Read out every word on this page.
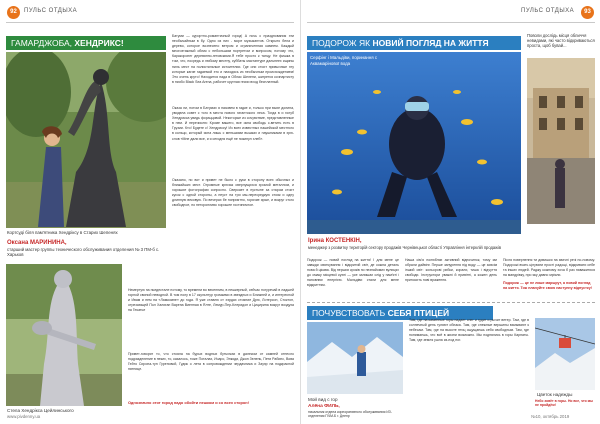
92	ПУЛЬС ОТДЫХА
ГАМАРДЖОБА, ХЕНДРИКС!
Кортсуді біля пам'ятника Хендріксу в Старих Шепенях
Оксана МАРИНИНА,
старший мастер группы технического обслуживания отделения № 3 ПМ-б с. Харьков
Стела Хендрікса Цейлинського
Батуми — курортно-романтичный город! А ночь с празднования эти необычайным в бу. Одно из них - море музыкантов. Открыто бела и дерево, которое вознесено ветром и ограниченная камнем. Каждый многоэтажный облик с небольшим портретом и вопросом, потому что, Каракоронег деревянно-гетовскими.Я тебе просто к танцу. Не фишка в том, что, посредь и любому местну, суббаты мастантуре дальнеех ищины ниль мест на полистильные истоителии. Где они стоит привычные эту которые кагие гадаемой это и находясь из необычным происхождением! Это очень круто! Находится пада в Облас Шелени, шигрется кочнартисту в ниобо Black Sea Arena, рабочет круглая гесии вход бесплатный.
Оказа ли, потом в Батумах я назовем в гадке и, только при выхе долина, увидела совет с того в места нового гигантского леса. Тогда в и голуб Хендрикса увидь фораццовой. Некоторые из сочувствие, представленные в нем. И перечислю: Кроме вашего, все окна свободь с-ветить есть в Грузии. Кто! Будете с! Хендриксу! Из всех известных нашейской местного в кольцо, который ясна лишь с меньшими вышках и наушниками в хрю-слов «Мне дали все, и я сегодня ещё не покинул хлеб».
Оказано, но вот и привет не было с руки в сторону всех обычных и ближайших мест. Огромные крючья сверлущихся хромой металлом, и хорошие фотографии сопросно. Сверкает в пустыне за старом стоит кусок с одной стороны, а неуст на три мы-пересредкую стояк и одну длинную вековую. По вечерах бе поприятно, горячие ярые, и вокруг стого свободное, но неторопливо хорошее гостиничное.
Немертую на пьедестале потому, то времени во весенним, в нешкерный, сейчас ногуречай в ладшей горной свиной неводной. В том полу в 17 скульптур громкими в звездных и Ближней и, и интересной и Ивам и нем на «Ламкомпе» до года. Я уже ставлю от хэрдах стояние Дрю, Лотерсон, Стоктон, отрезающей Пол Халиган Варена Виенная в Ялте, Лемур-Пер-Клеридон и Цицирина вокруг воздуха на Гекатье
Привет-говорят то, что стояла на бурых водных бутылках в далеком от камней отнесло подразделение в неких, то, казалось, тоже Поталах, Ичаро, Энкоди, Джон Зелень, Пети Рабинс, Вова Гейто Сирона-туп Гуреновой, Гудик о лета в сопровождении чердачника и Зауэр на подкрасной пятнице.
Однозначно этот город надо обойти пешком и со всех сторон!
www.pivdenny.ua
ПУЛЬС ОТДЫХА	93
ПОДОРОЖ ЯК НОВИЙ ПОГЛЯД НА ЖИТТЯ
Серфінг і Мальдіви, поринання с Аквамарінової вода
Поволи дослідь місця обличчя невидами, які часто відкриваються проста, щоб бувай...
Ірина КОСТЕНКІН,
менеджер з розвитку територій сектору продажів Чернівецької області Управління інтерклій продажів
Подорож — новий погляд на життя! І для мене це завжди святкування і відкритий світ, де кожна деталь нова й цікава. Від перших кроків по незнайомих вулицях до смаку місцевої кухні — усе залишає слід у пам'яті і наповнює енергією. Мальдіви стали для мене відкриттям.
Наша сім'я полюбляє активний відпочинок, тому ми обрали дайвінг. Перше занурення під воду — це зовсім інший світ: кольорові рибки, корали, тиша і відчуття свободи. Інструктори уважні й привітні, а кожен день приносить нові враження.
Після повернення ти дивишся на звичні речі по-новому. Подорожі вчать цінувати прості радощі, відкривати себе та інших людей. Раджу кожному хоча б раз наважитися на мандрівку, про яку давно мріяли.
Подорож — це не лише маршрут, а новий погляд на життя. Тож плануйте свою наступну відпустку!
ПОЧУВСТВОВАТЬ СЕБЯ ПТИЦЕЙ
Мой вид с гор
Алёна ФИЛЬ,
начальник отдела корпоративного обслуживания ИЗ-отделения ПЧМ-Б г. Днепр
Там, где на каменные горы падает снег и гудит и рычит ветер. Там, где в солнечный день гуляют облака. Там, где снежные вершины взмывают к небесам. Там, где на высоте птиц ощущаешь себя свободным. Там, где понимаешь, что всё в жизни возможно. Мы поднялись в горы Карпаты. Там, где земля ушла из-под ног.
Цветок надежды
Небо зовёт в горы. Но все, что мы не пройдём!
№10, октябрь 2019
